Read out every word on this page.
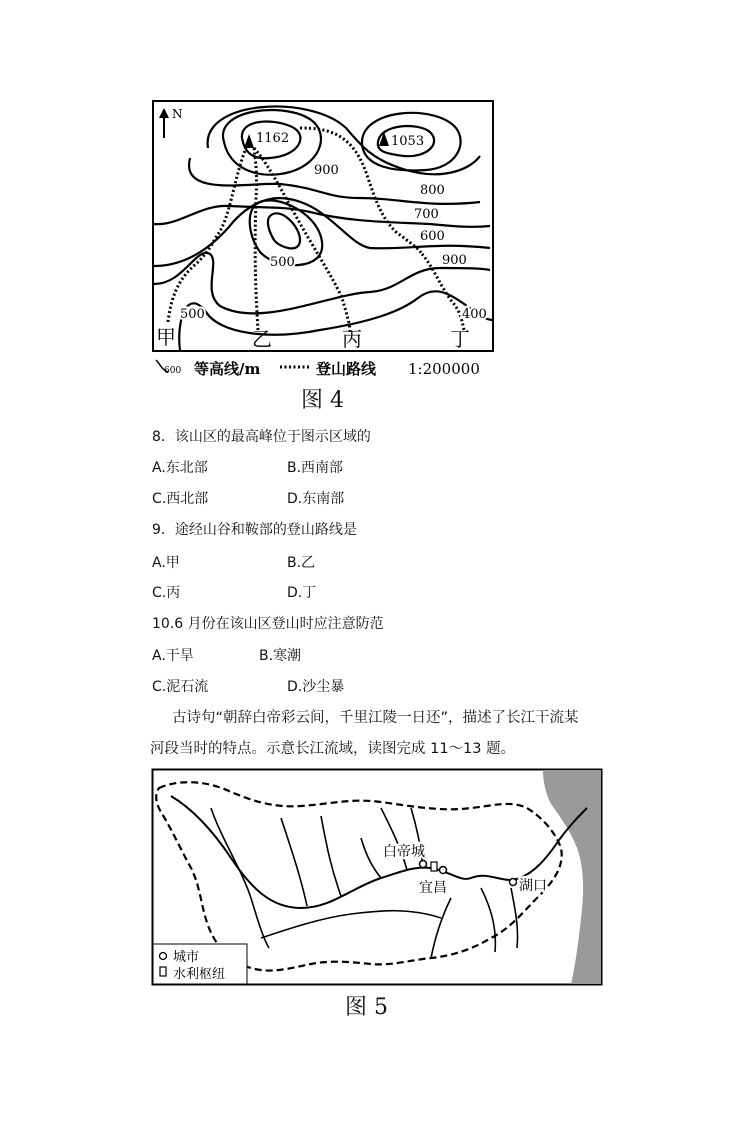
N
1162	1053
900
800
700
600
500	900
500	400
甲	乙	丙	丁
600 等高线/m	登山路线 1:200000
图 4
8．该山区的最高峰位于图示区域的
A.东北部	B.西南部
C.西北部	D.东南部
9．途经山谷和鞍部的登山路线是
A.甲	B.乙
C.丙	D.丁
10.6 月份在该山区登山时应注意防范
A.干旱	B.寒潮
C.泥石流	D.沙尘暴
古诗句“朝辞白帝彩云间，千里江陵一日还”，描述了长江干流某
河段当时的特点。示意长江流域，读图完成 11～13 题。
白帝城
宜昌	湖口
城市
水利枢纽
图 5
